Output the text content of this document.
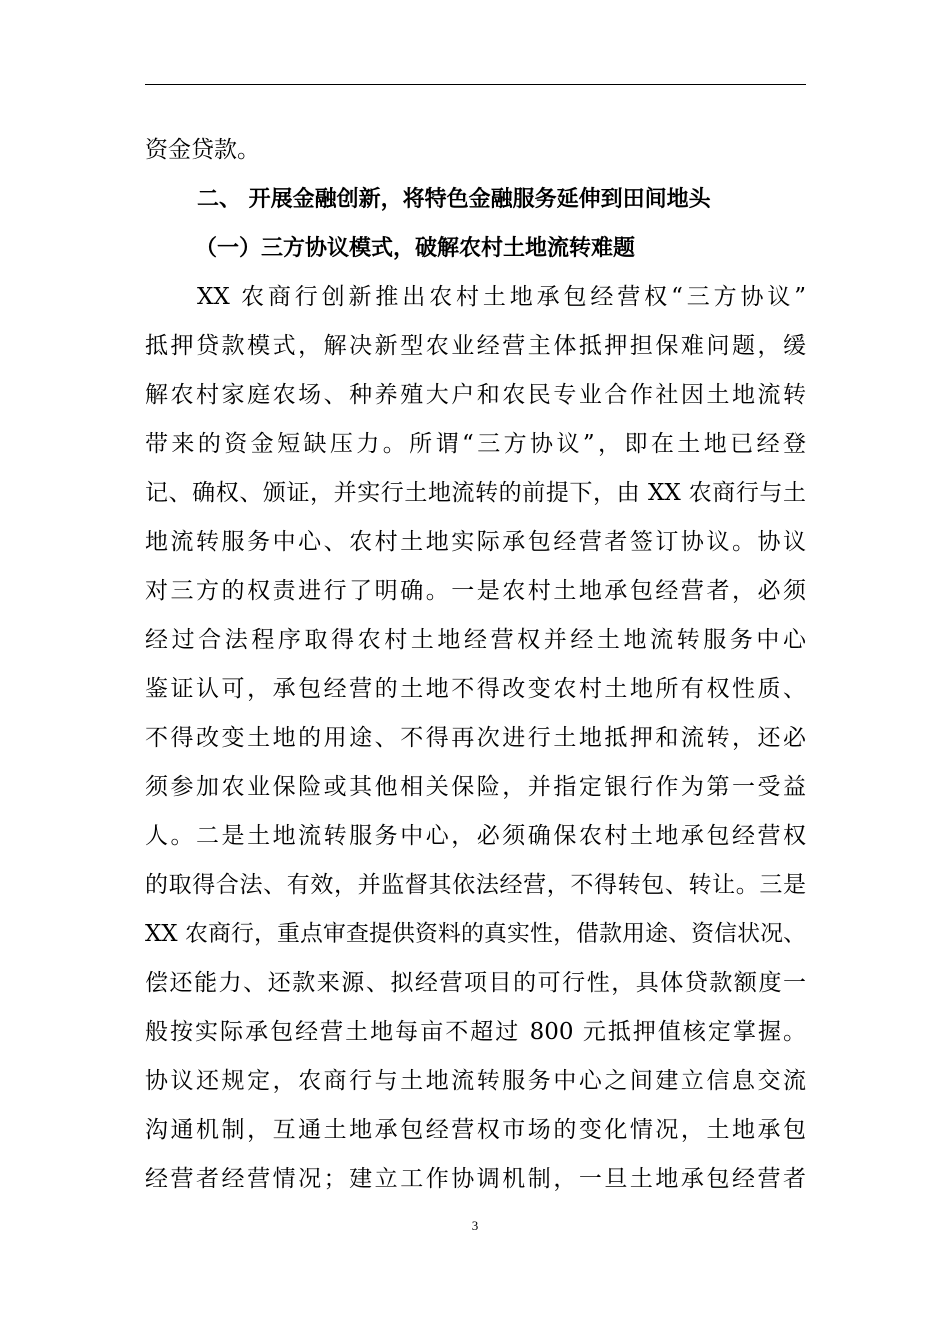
资金贷款。
二、 开展金融创新，将特色金融服务延伸到田间地头
（一）三方协议模式，破解农村土地流转难题
XX 农商行创新推出农村土地承包经营权“三方协议”
抵押贷款模式，解决新型农业经营主体抵押担保难问题，缓
解农村家庭农场、种养殖大户和农民专业合作社因土地流转
带来的资金短缺压力。所谓“三方协议”，即在土地已经登
记、确权、颁证，并实行土地流转的前提下，由 XX 农商行与土
地流转服务中心、农村土地实际承包经营者签订协议。协议
对三方的权责进行了明确。一是农村土地承包经营者，必须
经过合法程序取得农村土地经营权并经土地流转服务中心
鉴证认可，承包经营的土地不得改变农村土地所有权性质、
不得改变土地的用途、不得再次进行土地抵押和流转，还必
须参加农业保险或其他相关保险，并指定银行作为第一受益
人。二是土地流转服务中心，必须确保农村土地承包经营权
的取得合法、有效，并监督其依法经营，不得转包、转让。三是
XX 农商行，重点审查提供资料的真实性，借款用途、资信状况、
偿还能力、还款来源、拟经营项目的可行性，具体贷款额度一
般按实际承包经营土地每亩不超过 800 元抵押值核定掌握。
协议还规定，农商行与土地流转服务中心之间建立信息交流
沟通机制，互通土地承包经营权市场的变化情况，土地承包
经营者经营情况；建立工作协调机制，一旦土地承包经营者
3
